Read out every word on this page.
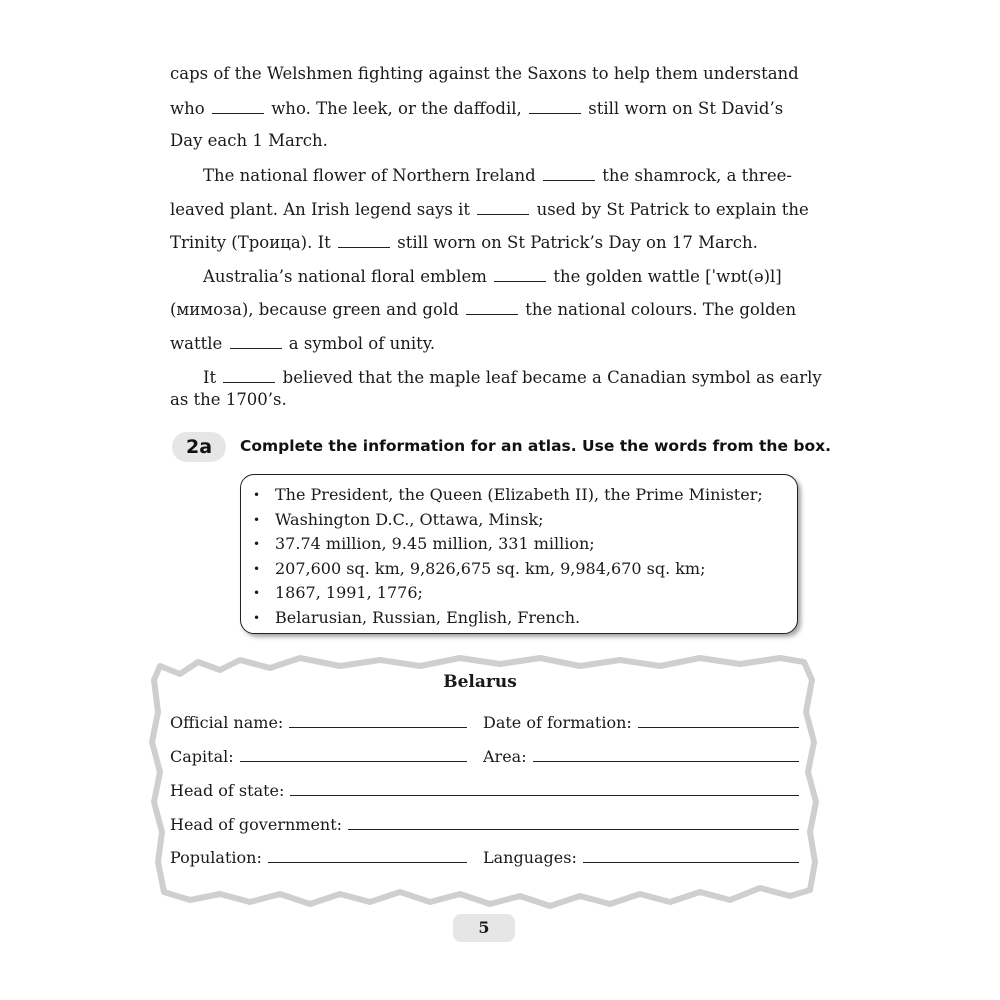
caps of the Welshmen fighting against the Saxons to help them understand
who	who. The leek, or the daffodil,	still worn on St David’s
Day each 1 March.
The national flower of Northern Ireland	the shamrock, a three-
leaved plant. An Irish legend says it	used by St Patrick to explain the
Trinity (Троица). It	still worn on St Patrick’s Day on 17 March.
Australia’s national floral emblem	the golden wattle [ˈwɒt(ə)l]
(мимоза), because green and gold	the national colours. The golden
wattle	a symbol of unity.
It	believed that the maple leaf became a Canadian symbol as early
as the 1700’s.
2a	Complete the information for an atlas. Use the words from the box.
• The President, the Queen (Elizabeth II), the Prime Minister;
• Washington D.C., Ottawa, Minsk;
• 37.74 million, 9.45 million, 331 million;
• 207,600 sq. km, 9,826,675 sq. km, 9,984,670 sq. km;
• 1867, 1991, 1776;
• Belarusian, Russian, English, French.
Belarus
Official name:	Date of formation:
Capital:	Area:
Head of state:
Head of government:
Population:	Languages:
5
